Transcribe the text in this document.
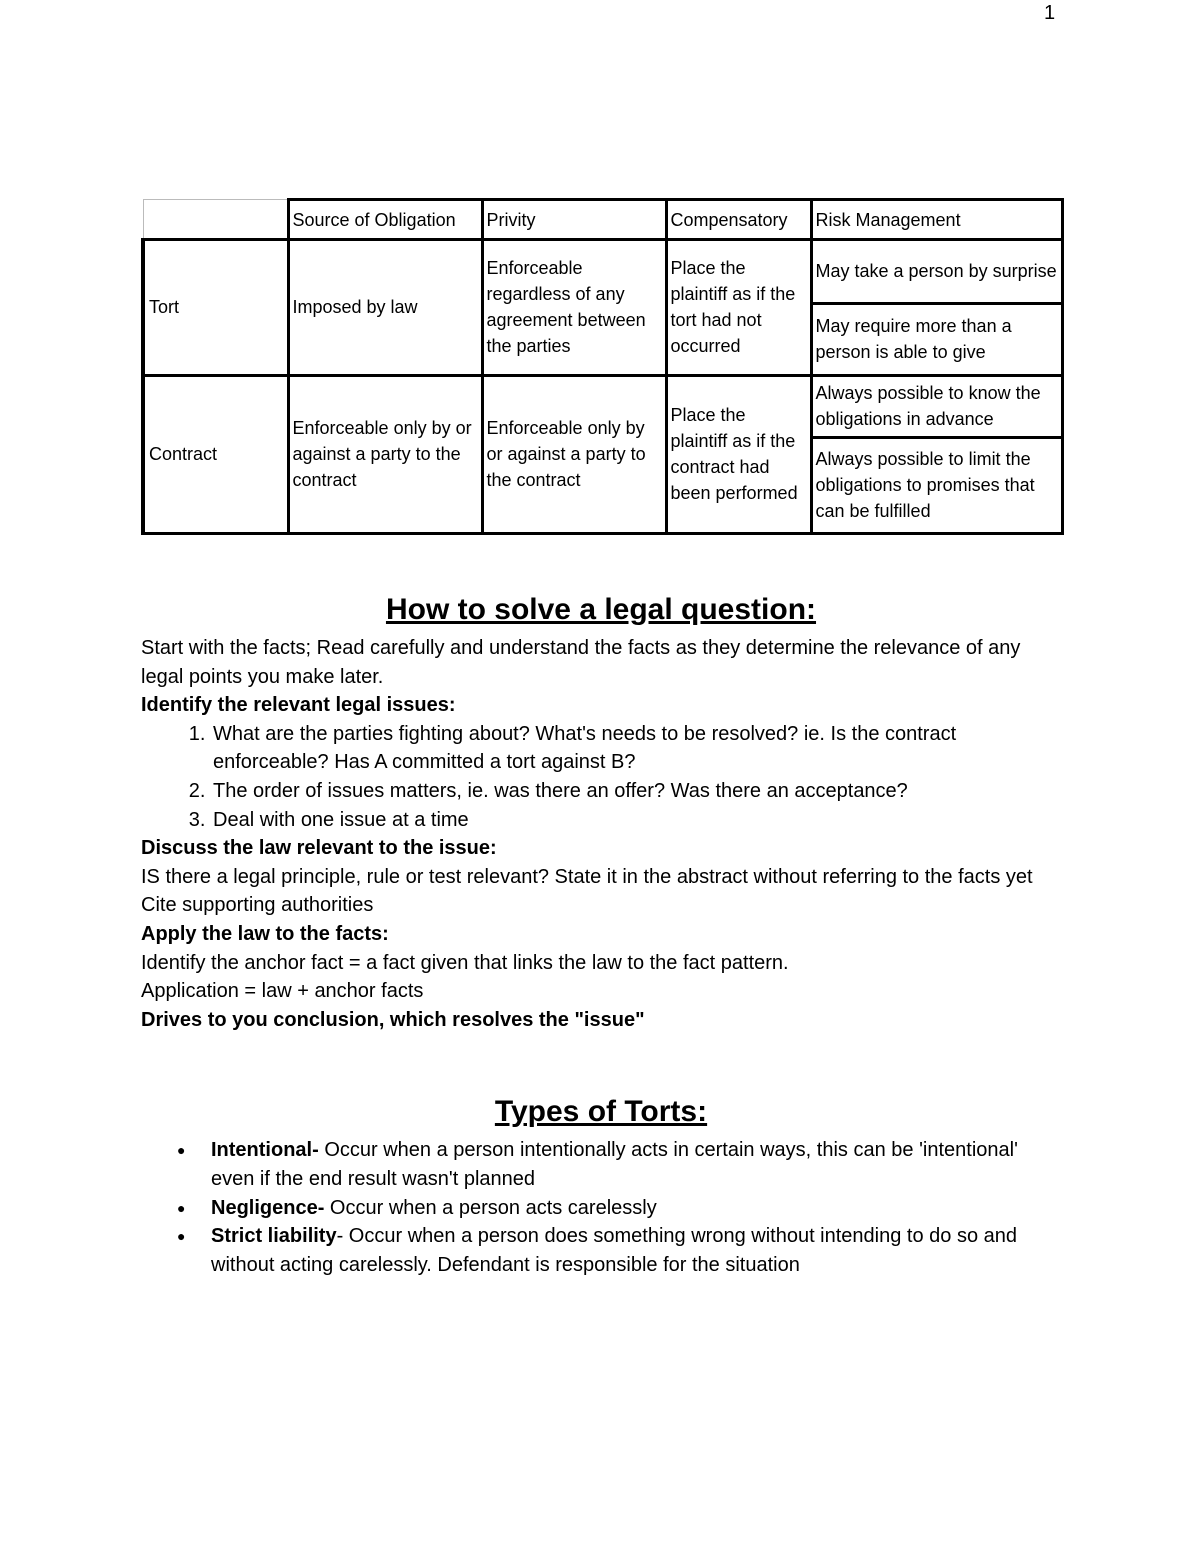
1
	Source of Obligation	Privity	Compensatory	Risk Management
Tort	Imposed by law	Enforceable regardless of any agreement between the parties	Place the plaintiff as if the tort had not occurred	May take a person by surprise
				May require more than a person is able to give
Contract	Enforceable only by or against a party to the contract	Enforceable only by or against a party to the contract	Place the plaintiff as if the contract had been performed	Always possible to know the obligations in advance
				Always possible to limit the obligations to promises that can be fulfilled
How to solve a legal question:

Start with the facts; Read carefully and understand the facts as they determine the relevance of any legal points you make later.

Identify the relevant legal issues:

1. What are the parties fighting about? What's needs to be resolved? ie. Is the contract enforceable? Has A committed a tort against B?
2. The order of issues matters, ie. was there an offer? Was there an acceptance?
3. Deal with one issue at a time

Discuss the law relevant to the issue:

IS there a legal principle, rule or test relevant? State it in the abstract without referring to the facts yet

Cite supporting authorities

Apply the law to the facts:

Identify the anchor fact = a fact given that links the law to the fact pattern.

Application = law + anchor facts

Drives to you conclusion, which resolves the "issue"

Types of Torts:
● Intentional- Occur when a person intentionally acts in certain ways, this can be 'intentional' even if the end result wasn't planned
● Negligence- Occur when a person acts carelessly
● Strict liability- Occur when a person does something wrong without intending to do so and without acting carelessly. Defendant is responsible for the situation
